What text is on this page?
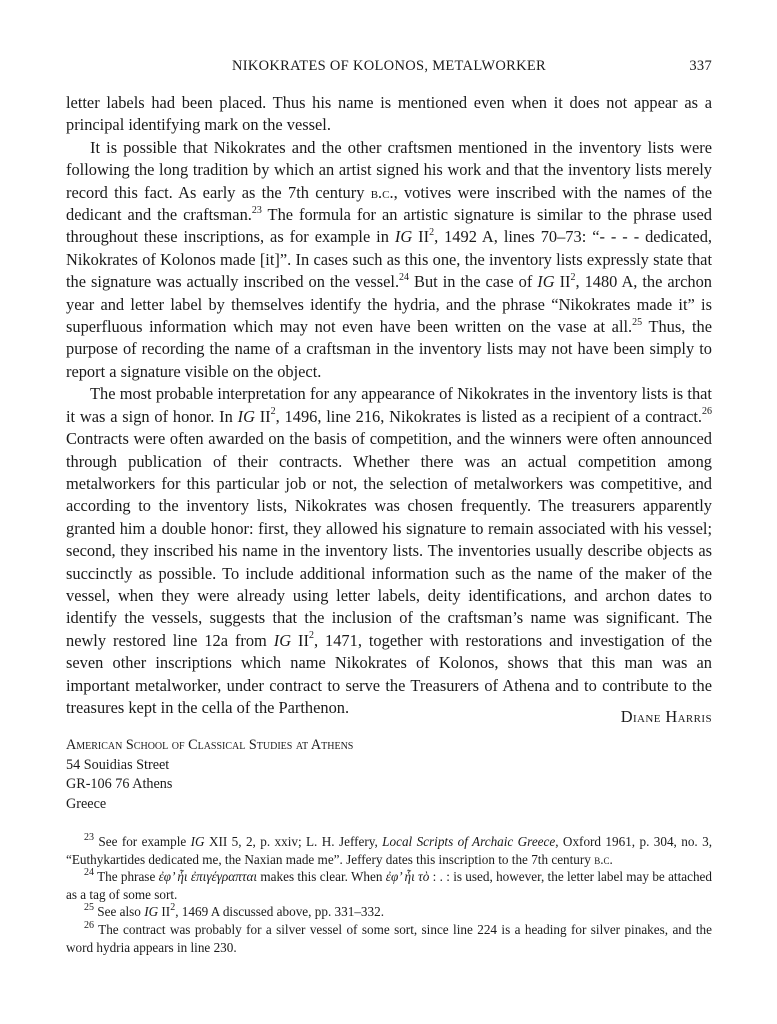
NIKOKRATES OF KOLONOS, METALWORKER	337

letter labels had been placed. Thus his name is mentioned even when it does not appear as a principal identifying mark on the vessel.

It is possible that Nikokrates and the other craftsmen mentioned in the inventory lists were following the long tradition by which an artist signed his work and that the inventory lists merely record this fact. As early as the 7th century b.c., votives were inscribed with the names of the dedicant and the craftsman.$^{23}$ The formula for an artistic signature is similar to the phrase used throughout these inscriptions, as for example in IG $II^2$, 1492 A, lines 70–73: “- - - - dedicated, Nikokrates of Kolonos made [it]”. In cases such as this one, the inventory lists expressly state that the signature was actually inscribed on the vessel.$^{24}$ But in the case of IG $II^2$, 1480 A, the archon year and letter label by themselves identify the hydria, and the phrase “Nikokrates made it” is superfluous information which may not even have been written on the vase at all.$^{25}$ Thus, the purpose of recording the name of a craftsman in the inventory lists may not have been simply to report a signature visible on the object.

The most probable interpretation for any appearance of Nikokrates in the inventory lists is that it was a sign of honor. In IG $II^2$, 1496, line 216, Nikokrates is listed as a recipient of a contract.$^{26}$ Contracts were often awarded on the basis of competition, and the winners were often announced through publication of their contracts. Whether there was an actual competition among metalworkers for this particular job or not, the selection of metalworkers was competitive, and according to the inventory lists, Nikokrates was chosen frequently. The treasurers apparently granted him a double honor: first, they allowed his signature to remain associated with his vessel; second, they inscribed his name in the inventory lists. The inventories usually describe objects as succinctly as possible. To include additional information such as the name of the maker of the vessel, when they were already using letter labels, deity identifications, and archon dates to identify the vessels, suggests that the inclusion of the craftsman’s name was significant. The newly restored line 12a from IG $II^2$, 1471, together with restorations and investigation of the seven other inscriptions which name Nikokrates of Kolonos, shows that this man was an important metalworker, under contract to serve the Treasurers of Athena and to contribute to the treasures kept in the cella of the Parthenon.	Diane Harris
American School of Classical Studies at Athens
54 Souidias Street
GR-106 76 Athens
Greece

$^{23}$ See for example IG XII 5, 2, p. xxiv; L. H. Jeffery, Local Scripts of Archaic Greece, Oxford 1961, p. 304, no. 3, “Euthykartides dedicated me, the Naxian made me”. Jeffery dates this inscription to the 7th century b.c.

$^{24}$ The phrase ἐφ’ ἧι ἐπιγέγραπται makes this clear. When ἐφ’ ἧι τὸ : . : is used, however, the letter label may be attached as a tag of some sort.

$^{25}$ See also IG $II^2$, 1469 A discussed above, pp. 331–332.

$^{26}$ The contract was probably for a silver vessel of some sort, since line 224 is a heading for silver pinakes, and the word hydria appears in line 230.
